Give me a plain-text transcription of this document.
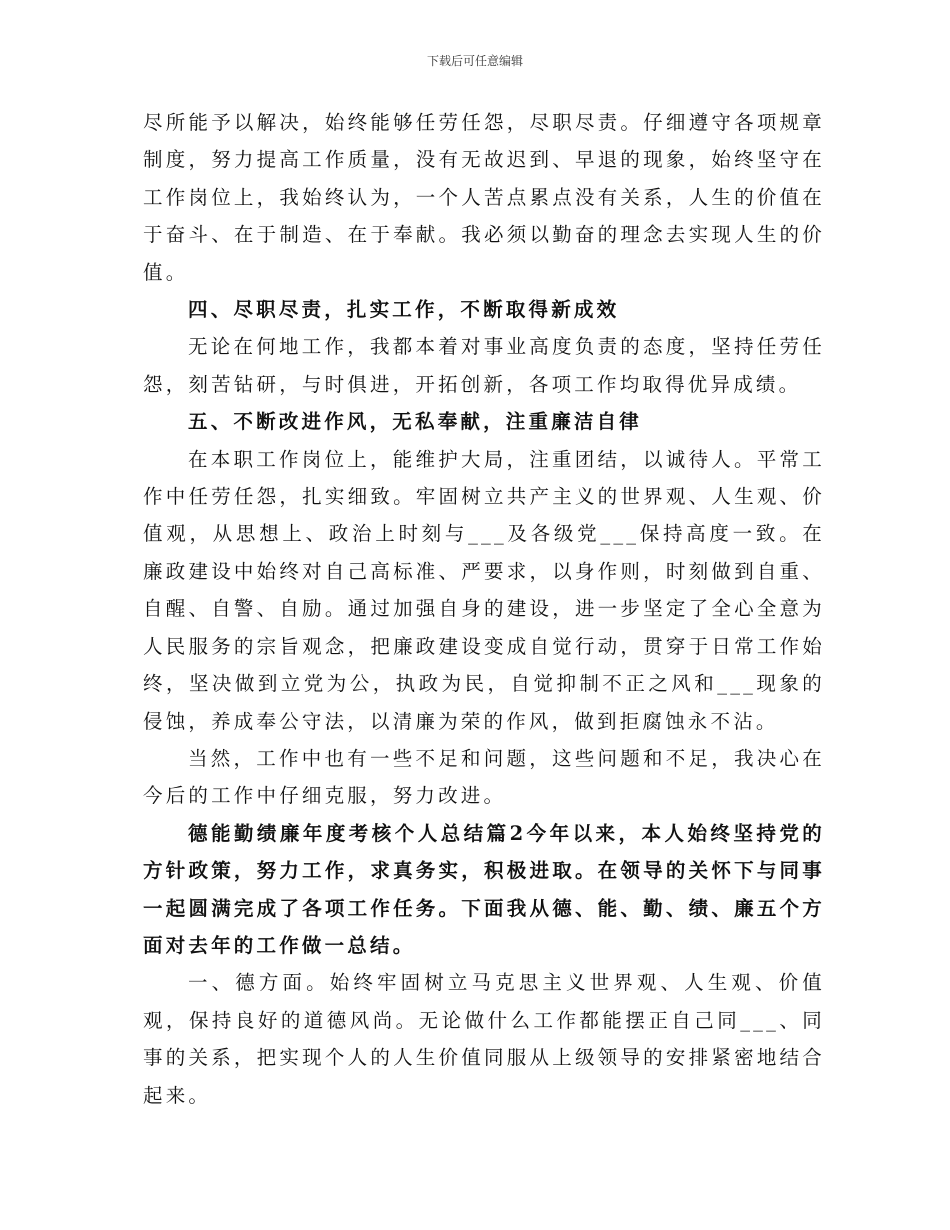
下载后可任意编辑

尽所能予以解决，始终能够任劳任怨，尽职尽责。仔细遵守各项规章制度，努力提高工作质量，没有无故迟到、早退的现象，始终坚守在工作岗位上，我始终认为，一个人苦点累点没有关系，人生的价值在于奋斗、在于制造、在于奉献。我必须以勤奋的理念去实现人生的价值。

四、尽职尽责，扎实工作，不断取得新成效

无论在何地工作，我都本着对事业高度负责的态度，坚持任劳任怨，刻苦钻研，与时俱进，开拓创新，各项工作均取得优异成绩。

五、不断改进作风，无私奉献，注重廉洁自律

在本职工作岗位上，能维护大局，注重团结，以诚待人。平常工作中任劳任怨，扎实细致。牢固树立共产主义的世界观、人生观、价值观，从思想上、政治上时刻与___及各级党___保持高度一致。在廉政建设中始终对自己高标准、严要求，以身作则，时刻做到自重、自醒、自警、自励。通过加强自身的建设，进一步坚定了全心全意为人民服务的宗旨观念，把廉政建设变成自觉行动，贯穿于日常工作始终，坚决做到立党为公，执政为民，自觉抑制不正之风和___现象的侵蚀，养成奉公守法，以清廉为荣的作风，做到拒腐蚀永不沾。

当然，工作中也有一些不足和问题，这些问题和不足，我决心在今后的工作中仔细克服，努力改进。

德能勤绩廉年度考核个人总结篇2今年以来，本人始终坚持党的方针政策，努力工作，求真务实，积极进取。在领导的关怀下与同事一起圆满完成了各项工作任务。下面我从德、能、勤、绩、廉五个方面对去年的工作做一总结。

一、德方面。始终牢固树立马克思主义世界观、人生观、价值观，保持良好的道德风尚。无论做什么工作都能摆正自己同___、同事的关系，把实现个人的人生价值同服从上级领导的安排紧密地结合起来。
